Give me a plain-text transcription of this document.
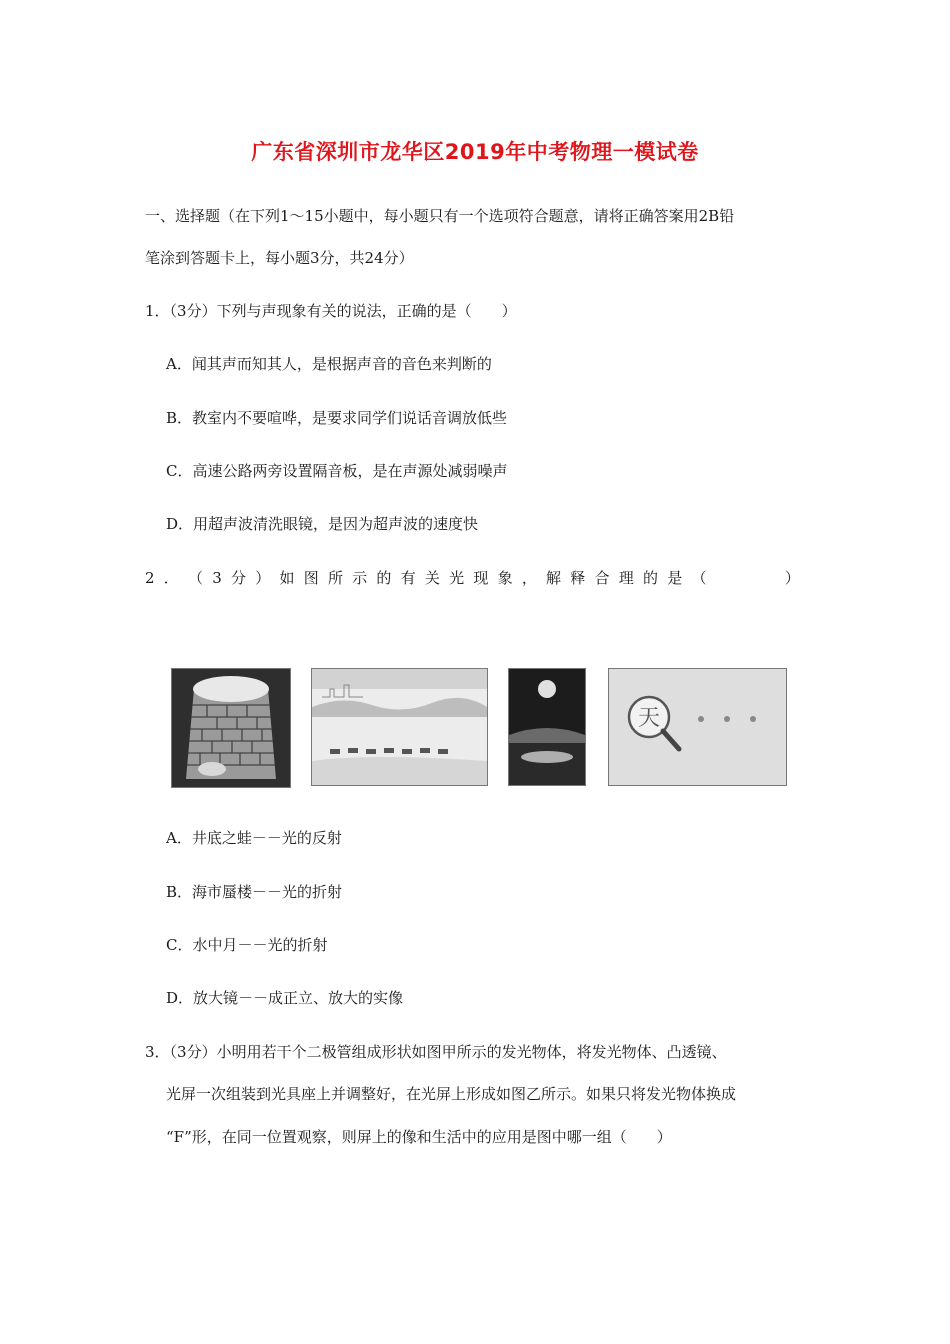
广东省深圳市龙华区2019年中考物理一模试卷
一、选择题（在下列1～15小题中，每小题只有一个选项符合题意，请将正确答案用2B铅
笔涂到答题卡上，每小题3分，共24分）
1．（3分）下列与声现象有关的说法，正确的是（　　）
A．闻其声而知其人，是根据声音的音色来判断的
B．教室内不要喧哗，是要求同学们说话音调放低些
C．高速公路两旁设置隔音板，是在声源处减弱噪声
D．用超声波清洗眼镜，是因为超声波的速度快
2 ． （ 3 分 ） 如 图 所 示 的 有 关 光 现 象 ， 解 释 合 理 的 是 （	）
天
A．井底之蛙－－光的反射
B．海市蜃楼－－光的折射
C．水中月－－光的折射
D．放大镜－－成正立、放大的实像
3．（3分）小明用若干个二极管组成形状如图甲所示的发光物体，将发光物体、凸透镜、
光屏一次组装到光具座上并调整好，在光屏上形成如图乙所示。如果只将发光物体换成
“F”形，在同一位置观察，则屏上的像和生活中的应用是图中哪一组（　　）
